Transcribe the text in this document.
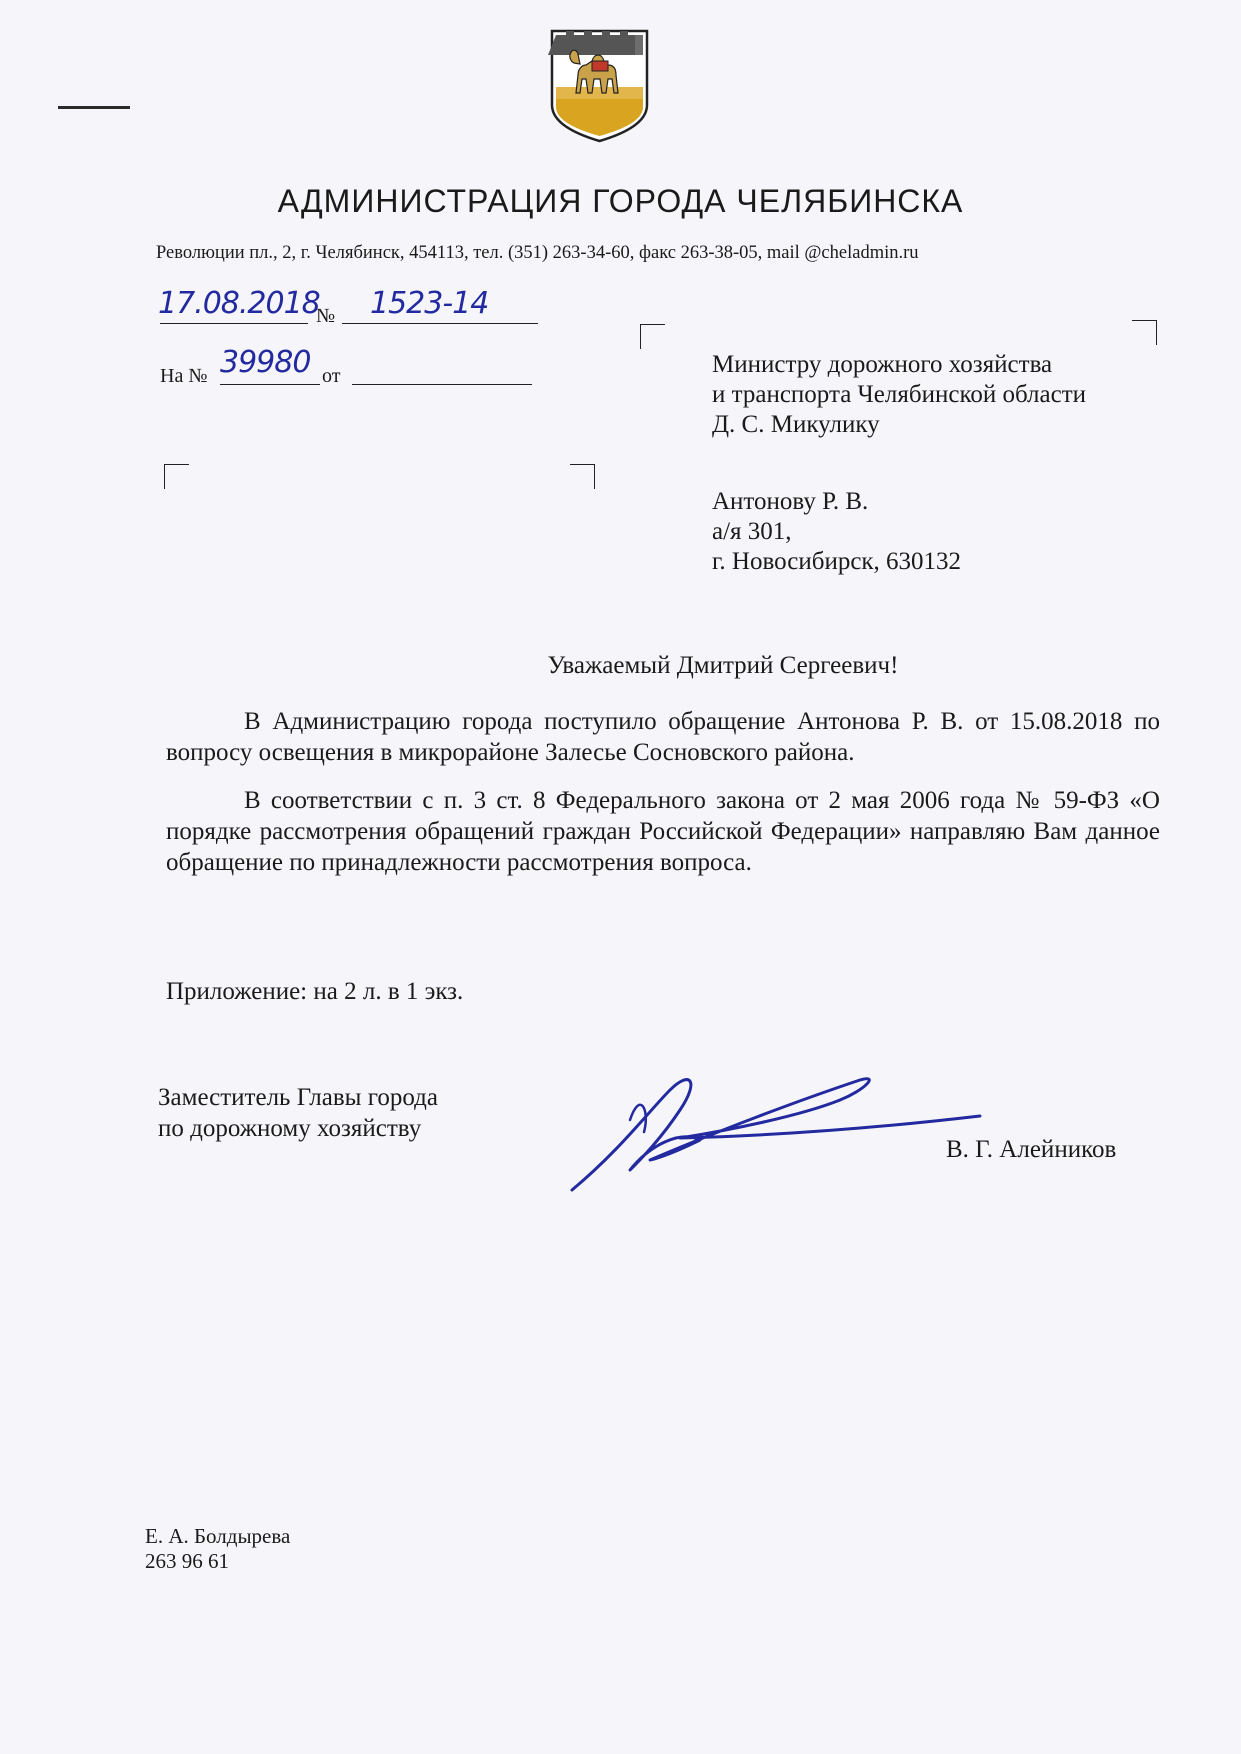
АДМИНИСТРАЦИЯ ГОРОДА ЧЕЛЯБИНСКА
Революции пл., 2, г. Челябинск, 454113, тел. (351) 263-34-60, факс 263-38-05, mail @cheladmin.ru
17.08.2018
№ 1523-14
На № 39980 от	Министру дорожного хозяйства
и транспорта Челябинской области
Д. С. Микулику
Антонову Р. В.
а/я 301,
г. Новосибирск, 630132
Уважаемый Дмитрий Сергеевич!

В Администрацию города поступило обращение Антонова Р. В. от 15.08.2018 по вопросу освещения в микрорайоне Залесье Сосновского района.

В соответствии с п. 3 ст. 8 Федерального закона от 2 мая 2006 года № 59-ФЗ «О порядке рассмотрения обращений граждан Российской Федерации» направляю Вам данное обращение по принадлежности рассмотрения вопроса.

Приложение: на 2 л. в 1 экз.
Заместитель Главы города
по дорожному хозяйству
В. Г. Алейников
Е. А. Болдырева
263 96 61
